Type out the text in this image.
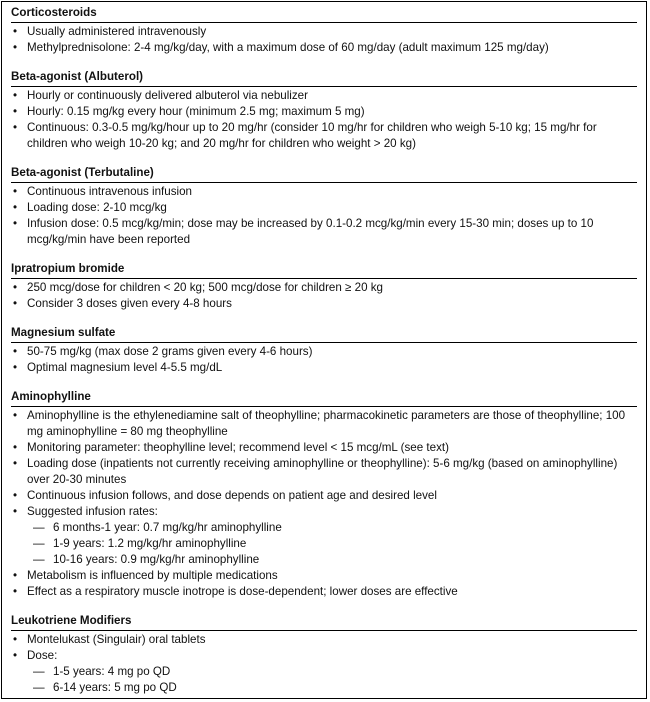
Corticosteroids
• Usually administered intravenously
• Methylprednisolone: 2-4 mg/kg/day, with a maximum dose of 60 mg/day (adult maximum 125 mg/day)
Beta-agonist (Albuterol)
• Hourly or continuously delivered albuterol via nebulizer
• Hourly: 0.15 mg/kg every hour (minimum 2.5 mg; maximum 5 mg)
• Continuous: 0.3-0.5 mg/kg/hour up to 20 mg/hr (consider 10 mg/hr for children who weigh 5-10 kg; 15 mg/hr for children who weigh 10-20 kg; and 20 mg/hr for children who weight > 20 kg)
Beta-agonist (Terbutaline)
• Continuous intravenous infusion
• Loading dose: 2-10 mcg/kg
• Infusion dose: 0.5 mcg/kg/min; dose may be increased by 0.1-0.2 mcg/kg/min every 15-30 min; doses up to 10 mcg/kg/min have been reported
Ipratropium bromide
• 250 mcg/dose for children < 20 kg; 500 mcg/dose for children ≥ 20 kg
• Consider 3 doses given every 4-8 hours
Magnesium sulfate
• 50-75 mg/kg (max dose 2 grams given every 4-6 hours)
• Optimal magnesium level 4-5.5 mg/dL
Aminophylline
• Aminophylline is the ethylenediamine salt of theophylline; pharmacokinetic parameters are those of theophylline; 100 mg aminophylline = 80 mg theophylline
• Monitoring parameter: theophylline level; recommend level < 15 mcg/mL (see text)
• Loading dose (inpatients not currently receiving aminophylline or theophylline): 5-6 mg/kg (based on aminophylline) over 20-30 minutes
• Continuous infusion follows, and dose depends on patient age and desired level
• Suggested infusion rates:
— 6 months-1 year: 0.7 mg/kg/hr aminophylline
— 1-9 years: 1.2 mg/kg/hr aminophylline
— 10-16 years: 0.9 mg/kg/hr aminophylline
• Metabolism is influenced by multiple medications
• Effect as a respiratory muscle inotrope is dose-dependent; lower doses are effective
Leukotriene Modifiers
• Montelukast (Singulair) oral tablets
• Dose:
— 1-5 years: 4 mg po QD
— 6-14 years: 5 mg po QD
